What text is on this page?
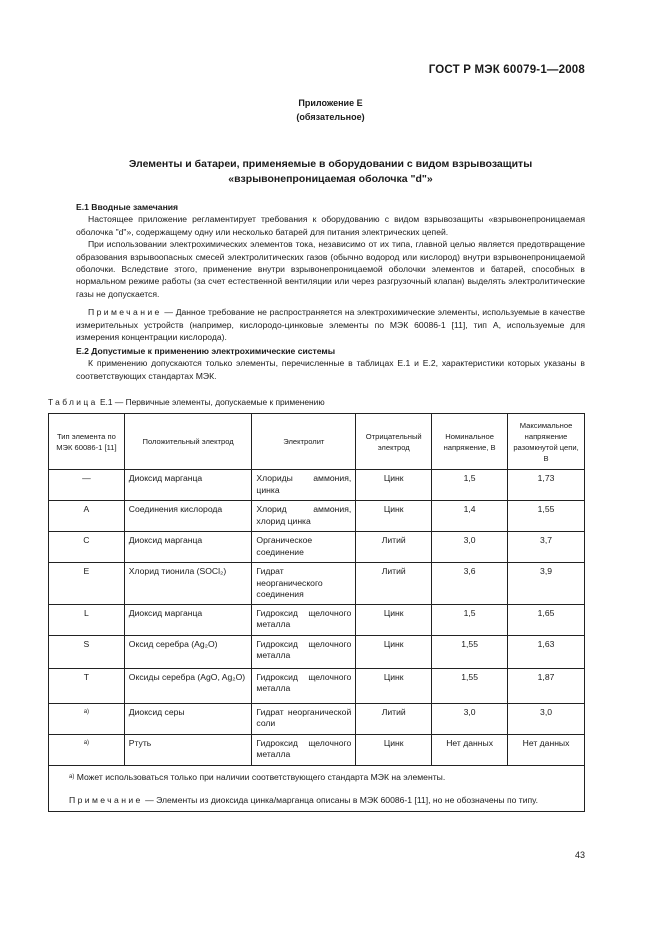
ГОСТ Р МЭК 60079-1—2008
Приложение Е
(обязательное)
Элементы и батареи, применяемые в оборудовании с видом взрывозащиты
«взрывонепроницаемая оболочка "d"»
Е.1 Вводные замечания

Настоящее приложение регламентирует требования к оборудованию с видом взрывозащиты «взрывонепроницаемая оболочка "d"», содержащему одну или несколько батарей для питания электрических цепей.

При использовании электрохимических элементов тока, независимо от их типа, главной целью является предотвращение образования взрывоопасных смесей электролитических газов (обычно водород или кислород) внутри взрывонепроницаемой оболочки. Вследствие этого, применение внутри взрывонепроницаемой оболочки элементов и батарей, способных в нормальном режиме работы (за счет естественной вентиляции или через разгрузочный клапан) выделять электролитические газы не допускается.

Примечание — Данное требование не распространяется на электрохимические элементы, используемые в качестве измерительных устройств (например, кислородо-цинковые элементы по МЭК 60086-1 [11], тип А, используемые для измерения концентрации кислорода).

Е.2 Допустимые к применению электрохимические системы

К применению допускаются только элементы, перечисленные в таблицах Е.1 и Е.2, характеристики которых указаны в соответствующих стандартах МЭК.

Таблица Е.1 — Первичные элементы, допускаемые к применению
Тип элемента по МЭК 60086-1 [11]	Положительный электрод	Электролит	Отрицательный электрод	Номинальное напряжение, В	Максимальное напряжение разомкнутой цепи, В
—	Диоксид марганца	Хлориды аммония, цинка	Цинк	1,5	1,73
A	Соединения кислорода	Хлорид аммония, хлорид цинка	Цинк	1,4	1,55
C	Диоксид марганца	Органическое соединение	Литий	3,0	3,7
E	Хлорид тионила (SOCl₂)	Гидрат неорганического соединения	Литий	3,6	3,9
L	Диоксид марганца	Гидроксид щелочного металла	Цинк	1,5	1,65
S	Оксид серебра (Ag₂O)	Гидроксид щелочного металла	Цинк	1,55	1,63
T	Оксиды серебра (AgO, Ag₂O)	Гидроксид щелочного металла	Цинк	1,55	1,87
а)	Диоксид серы	Гидрат неорганической соли	Литий	3,0	3,0
а)	Ртуть	Гидроксид щелочного металла	Цинк	Нет данных	Нет данных

$^{а)}$ Может использоваться только при наличии соответствующего стандарта МЭК на элементы.

Примечание — Элементы из диоксида цинка/марганца описаны в МЭК 60086-1 [11], но не обозначены по типу.					

43
